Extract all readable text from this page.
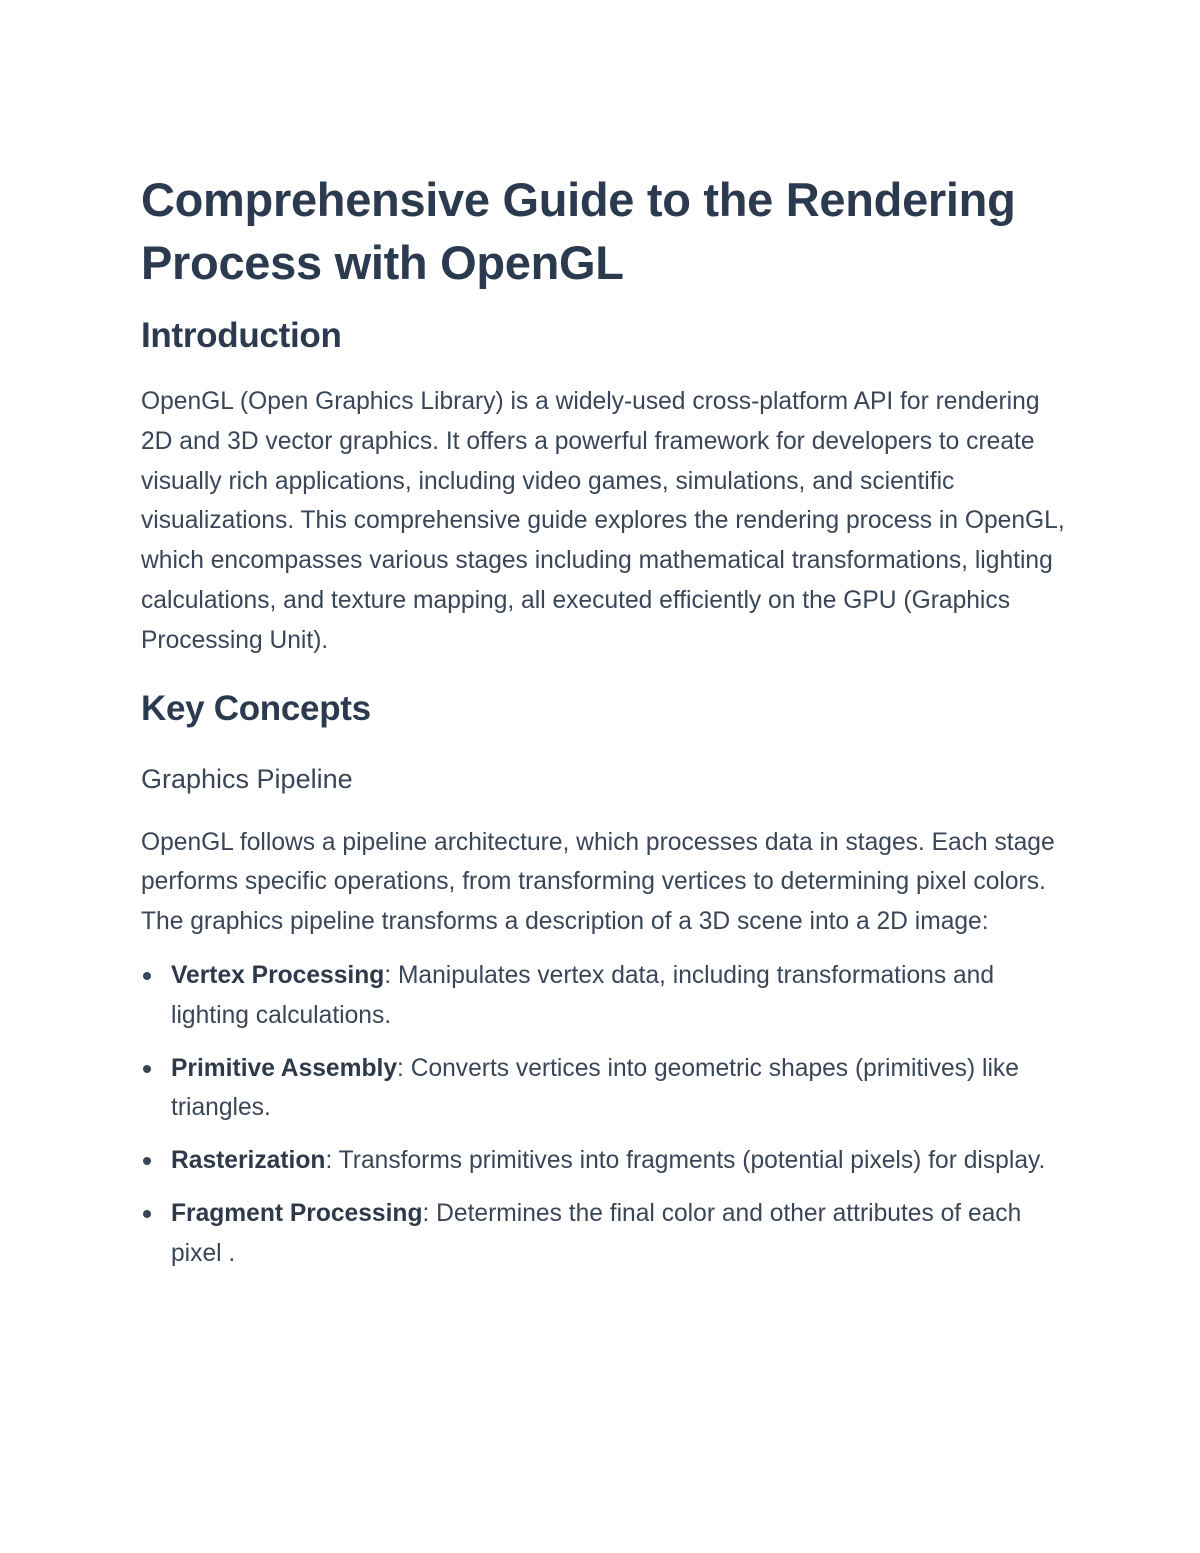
Comprehensive Guide to the Rendering Process with OpenGL
Introduction

OpenGL (Open Graphics Library) is a widely-used cross-platform API for rendering 2D and 3D vector graphics. It offers a powerful framework for developers to create visually rich applications, including video games, simulations, and scientific visualizations. This comprehensive guide explores the rendering process in OpenGL, which encompasses various stages including mathematical transformations, lighting calculations, and texture mapping, all executed efficiently on the GPU (Graphics Processing Unit).

Key Concepts
Graphics Pipeline

OpenGL follows a pipeline architecture, which processes data in stages. Each stage performs specific operations, from transforming vertices to determining pixel colors. The graphics pipeline transforms a description of a 3D scene into a 2D image:

Vertex Processing: Manipulates vertex data, including transformations and lighting calculations.
Primitive Assembly: Converts vertices into geometric shapes (primitives) like triangles.
Rasterization: Transforms primitives into fragments (potential pixels) for display.
Fragment Processing: Determines the final color and other attributes of each pixel .
